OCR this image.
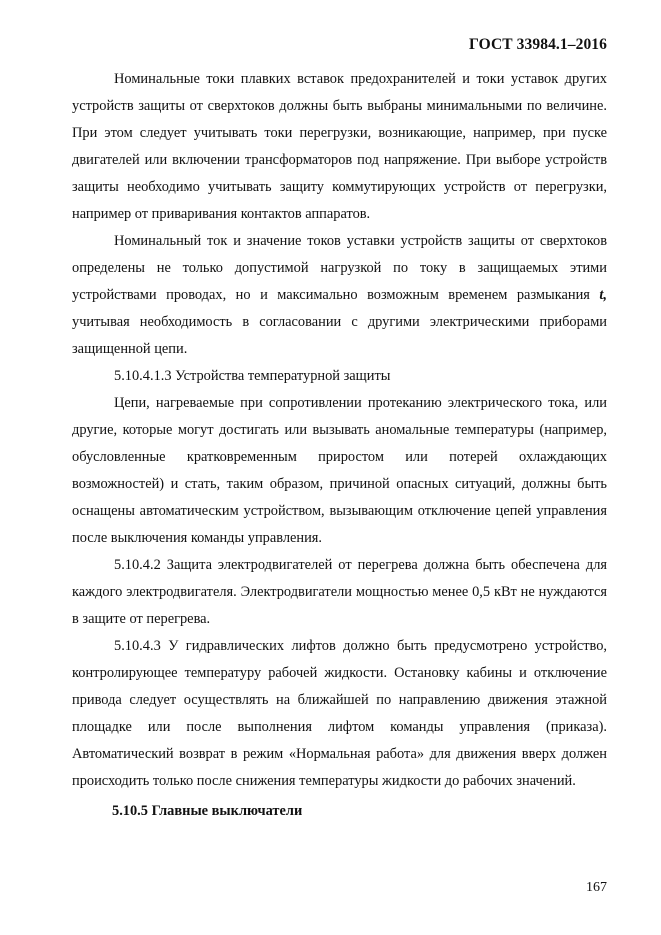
ГОСТ 33984.1–2016

Номинальные токи плавких вставок предохранителей и токи уставок других устройств защиты от сверхтоков должны быть выбраны минимальными по величине. При этом следует учитывать токи перегрузки, возникающие, например, при пуске двигателей или включении трансформаторов под напряжение. При выборе устройств защиты необходимо учитывать защиту коммутирующих устройств от перегрузки, например от приваривания контактов аппаратов.

Номинальный ток и значение токов уставки устройств защиты от сверхтоков определены не только допустимой нагрузкой по току в защищаемых этими устройствами проводах, но и максимально возможным временем размыкания t, учитывая необходимость в согласовании с другими электрическими приборами защищенной цепи.

5.10.4.1.3 Устройства температурной защиты

Цепи, нагреваемые при сопротивлении протеканию электрического тока, или другие, которые могут достигать или вызывать аномальные температуры (например, обусловленные кратковременным приростом или потерей охлаждающих возможностей) и стать, таким образом, причиной опасных ситуаций, должны быть оснащены автоматическим устройством, вызывающим отключение цепей управления после выключения команды управления.

5.10.4.2 Защита электродвигателей от перегрева должна быть обеспечена для каждого электродвигателя. Электродвигатели мощностью менее 0,5 кВт не нуждаются в защите от перегрева.

5.10.4.3 У гидравлических лифтов должно быть предусмотрено устройство, контролирующее температуру рабочей жидкости. Остановку кабины и отключение привода следует осуществлять на ближайшей по направлению движения этажной площадке или после выполнения лифтом команды управления (приказа). Автоматический возврат в режим «Нормальная работа» для движения вверх должен происходить только после снижения температуры жидкости до рабочих значений.

5.10.5 Главные выключатели

167
